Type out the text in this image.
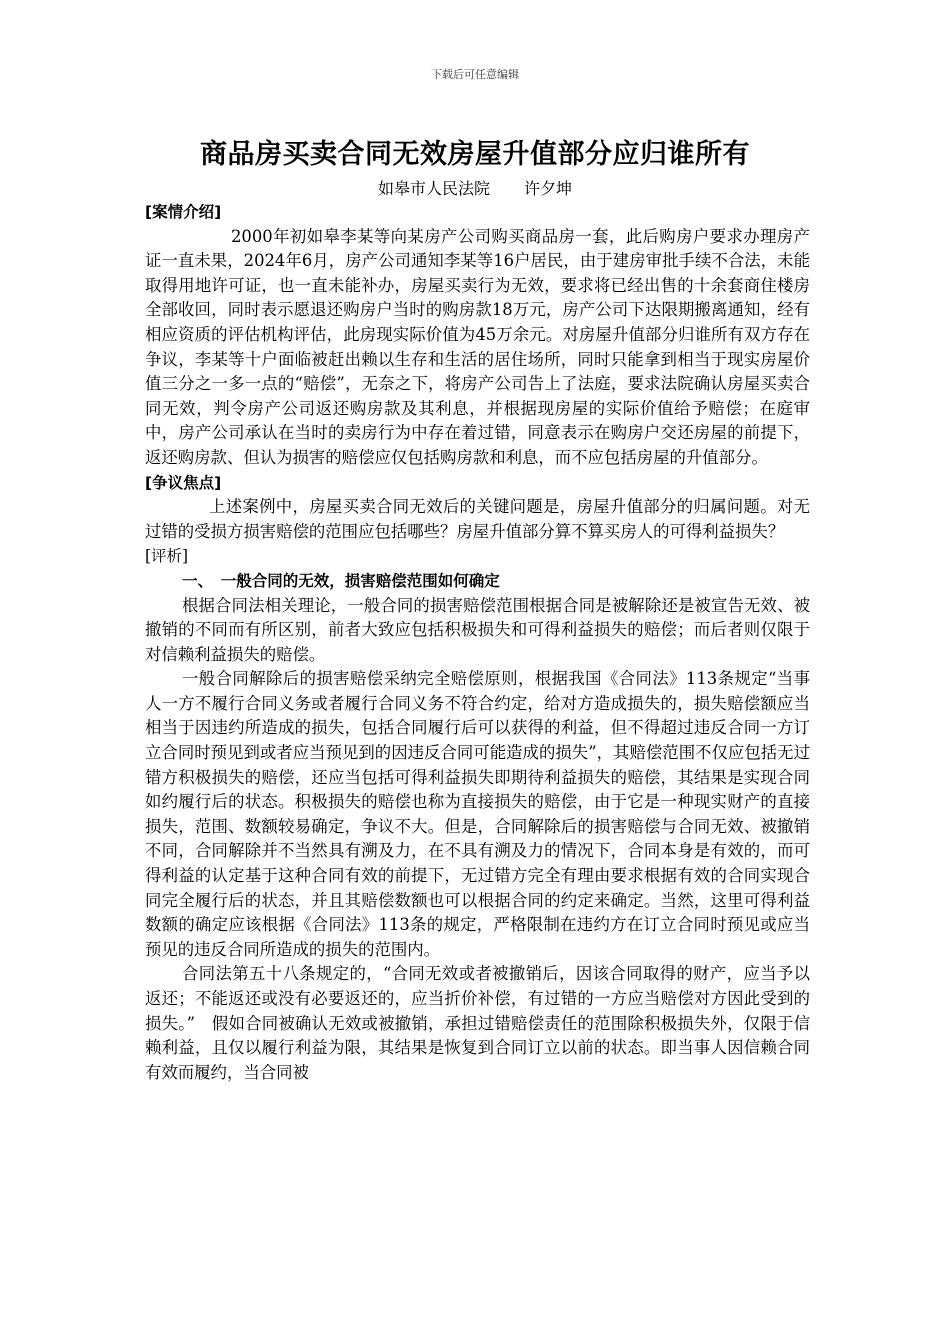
下载后可任意编辑
商品房买卖合同无效房屋升值部分应归谁所有
如皋市人民法院 许夕坤
[案情介绍]

2000年初如皋李某等向某房产公司购买商品房一套，此后购房户要求办理房产证一直未果，2024年6月，房产公司通知李某等16户居民，由于建房审批手续不合法，未能取得用地许可证，也一直未能补办，房屋买卖行为无效，要求将已经出售的十余套商住楼房全部收回，同时表示愿退还购房户当时的购房款18万元，房产公司下达限期搬离通知，经有相应资质的评估机构评估，此房现实际价值为45万余元。对房屋升值部分归谁所有双方存在争议，李某等十户面临被赶出赖以生存和生活的居住场所，同时只能拿到相当于现实房屋价值三分之一多一点的“赔偿”，无奈之下，将房产公司告上了法庭，要求法院确认房屋买卖合同无效，判令房产公司返还购房款及其利息，并根据现房屋的实际价值给予赔偿；在庭审中，房产公司承认在当时的卖房行为中存在着过错，同意表示在购房户交还房屋的前提下，返还购房款、但认为损害的赔偿应仅包括购房款和利息，而不应包括房屋的升值部分。

[争议焦点]

上述案例中，房屋买卖合同无效后的关键问题是，房屋升值部分的归属问题。对无过错的受损方损害赔偿的范围应包括哪些？房屋升值部分算不算买房人的可得利益损失？

[评析]
一、　一般合同的无效，损害赔偿范围如何确定

根据合同法相关理论，一般合同的损害赔偿范围根据合同是被解除还是被宣告无效、被撤销的不同而有所区别，前者大致应包括积极损失和可得利益损失的赔偿；而后者则仅限于对信赖利益损失的赔偿。

一般合同解除后的损害赔偿采纳完全赔偿原则，根据我国《合同法》113条规定“当事人一方不履行合同义务或者履行合同义务不符合约定，给对方造成损失的，损失赔偿额应当相当于因违约所造成的损失，包括合同履行后可以获得的利益，但不得超过违反合同一方订立合同时预见到或者应当预见到的因违反合同可能造成的损失”，其赔偿范围不仅应包括无过错方积极损失的赔偿，还应当包括可得利益损失即期待利益损失的赔偿，其结果是实现合同如约履行后的状态。积极损失的赔偿也称为直接损失的赔偿，由于它是一种现实财产的直接损失，范围、数额较易确定，争议不大。但是，合同解除后的损害赔偿与合同无效、被撤销不同，合同解除并不当然具有溯及力，在不具有溯及力的情况下，合同本身是有效的，而可得利益的认定基于这种合同有效的前提下，无过错方完全有理由要求根据有效的合同实现合同完全履行后的状态，并且其赔偿数额也可以根据合同的约定来确定。当然，这里可得利益数额的确定应该根据《合同法》113条的规定，严格限制在违约方在订立合同时预见或应当预见的违反合同所造成的损失的范围内。

合同法第五十八条规定的，“合同无效或者被撤销后，因该合同取得的财产，应当予以返还；不能返还或没有必要返还的，应当折价补偿，有过错的一方应当赔偿对方因此受到的损失。”　假如合同被确认无效或被撤销，承担过错赔偿责任的范围除积极损失外，仅限于信赖利益，且仅以履行利益为限，其结果是恢复到合同订立以前的状态。即当事人因信赖合同有效而履约，当合同被
